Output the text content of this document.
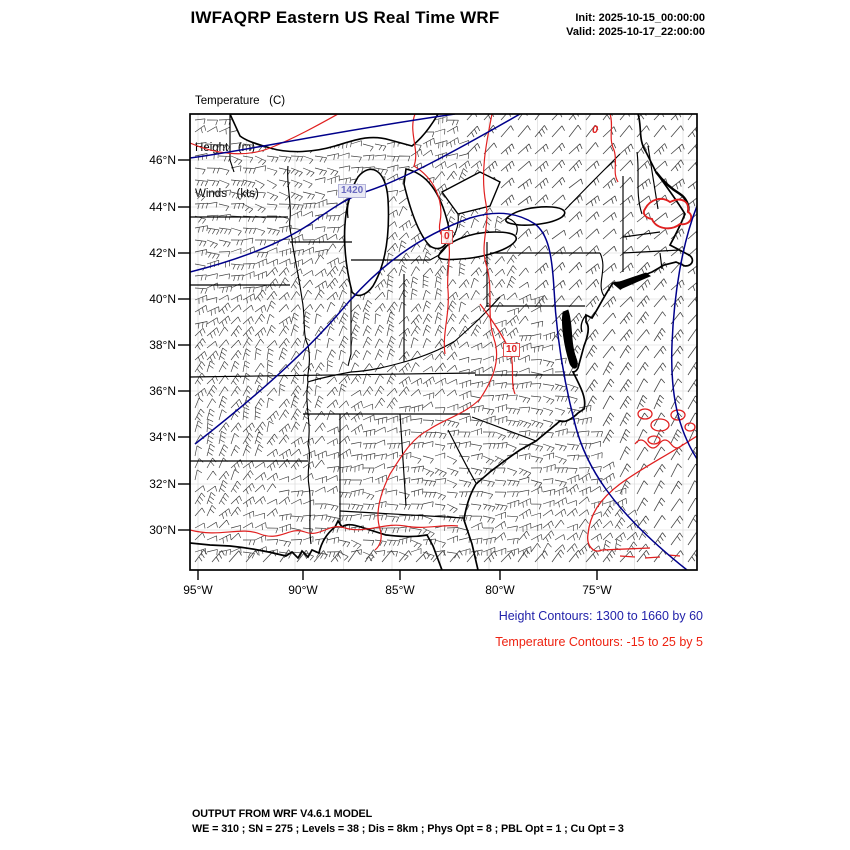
IWFAQRP Eastern US Real Time WRF	Init: 2025-10-15_00:00:00
Valid: 2025-10-17_22:00:00

Temperature   (C)

Height   (m)

Winds   (kts)

46°N
44°N
42°N
40°N
38°N
36°N
34°N
32°N
30°N
95°W	90°W	85°W	80°W	75°W
1420
0
10
0
Height Contours: 1300 to 1660 by 60
Temperature Contours: -15 to 25 by 5
OUTPUT FROM WRF V4.6.1 MODEL
WE = 310 ; SN = 275 ; Levels = 38 ; Dis = 8km ; Phys Opt = 8 ; PBL Opt = 1 ; Cu Opt = 3
